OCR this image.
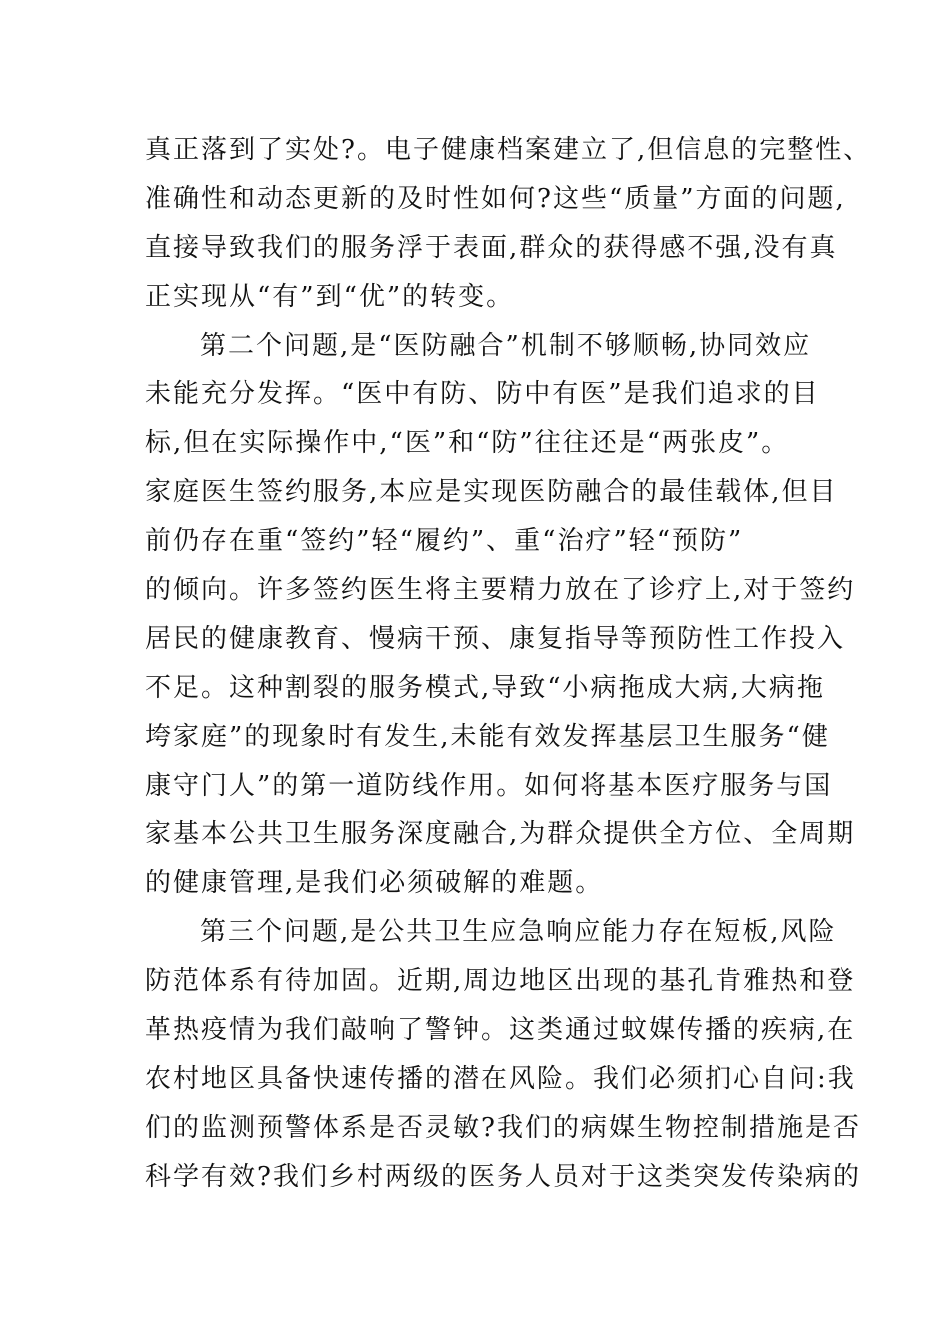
真正落到了实处?。电子健康档案建立了,但信息的完整性、
准确性和动态更新的及时性如何?这些“质量”方面的问题,
直接导致我们的服务浮于表面,群众的获得感不强,没有真
正实现从“有”到“优”的转变。
第二个问题,是“医防融合”机制不够顺畅,协同效应
未能充分发挥。“医中有防、防中有医”是我们追求的目
标,但在实际操作中,“医”和“防”往往还是“两张皮”。
家庭医生签约服务,本应是实现医防融合的最佳载体,但目
前仍存在重“签约”轻“履约”、重“治疗”轻“预防”
的倾向。许多签约医生将主要精力放在了诊疗上,对于签约
居民的健康教育、慢病干预、康复指导等预防性工作投入
不足。这种割裂的服务模式,导致“小病拖成大病,大病拖
垮家庭”的现象时有发生,未能有效发挥基层卫生服务“健
康守门人”的第一道防线作用。如何将基本医疗服务与国
家基本公共卫生服务深度融合,为群众提供全方位、全周期
的健康管理,是我们必须破解的难题。
第三个问题,是公共卫生应急响应能力存在短板,风险
防范体系有待加固。近期,周边地区出现的基孔肯雅热和登
革热疫情为我们敲响了警钟。这类通过蚊媒传播的疾病,在
农村地区具备快速传播的潜在风险。我们必须扪心自问:我
们的监测预警体系是否灵敏?我们的病媒生物控制措施是否
科学有效?我们乡村两级的医务人员对于这类突发传染病的
